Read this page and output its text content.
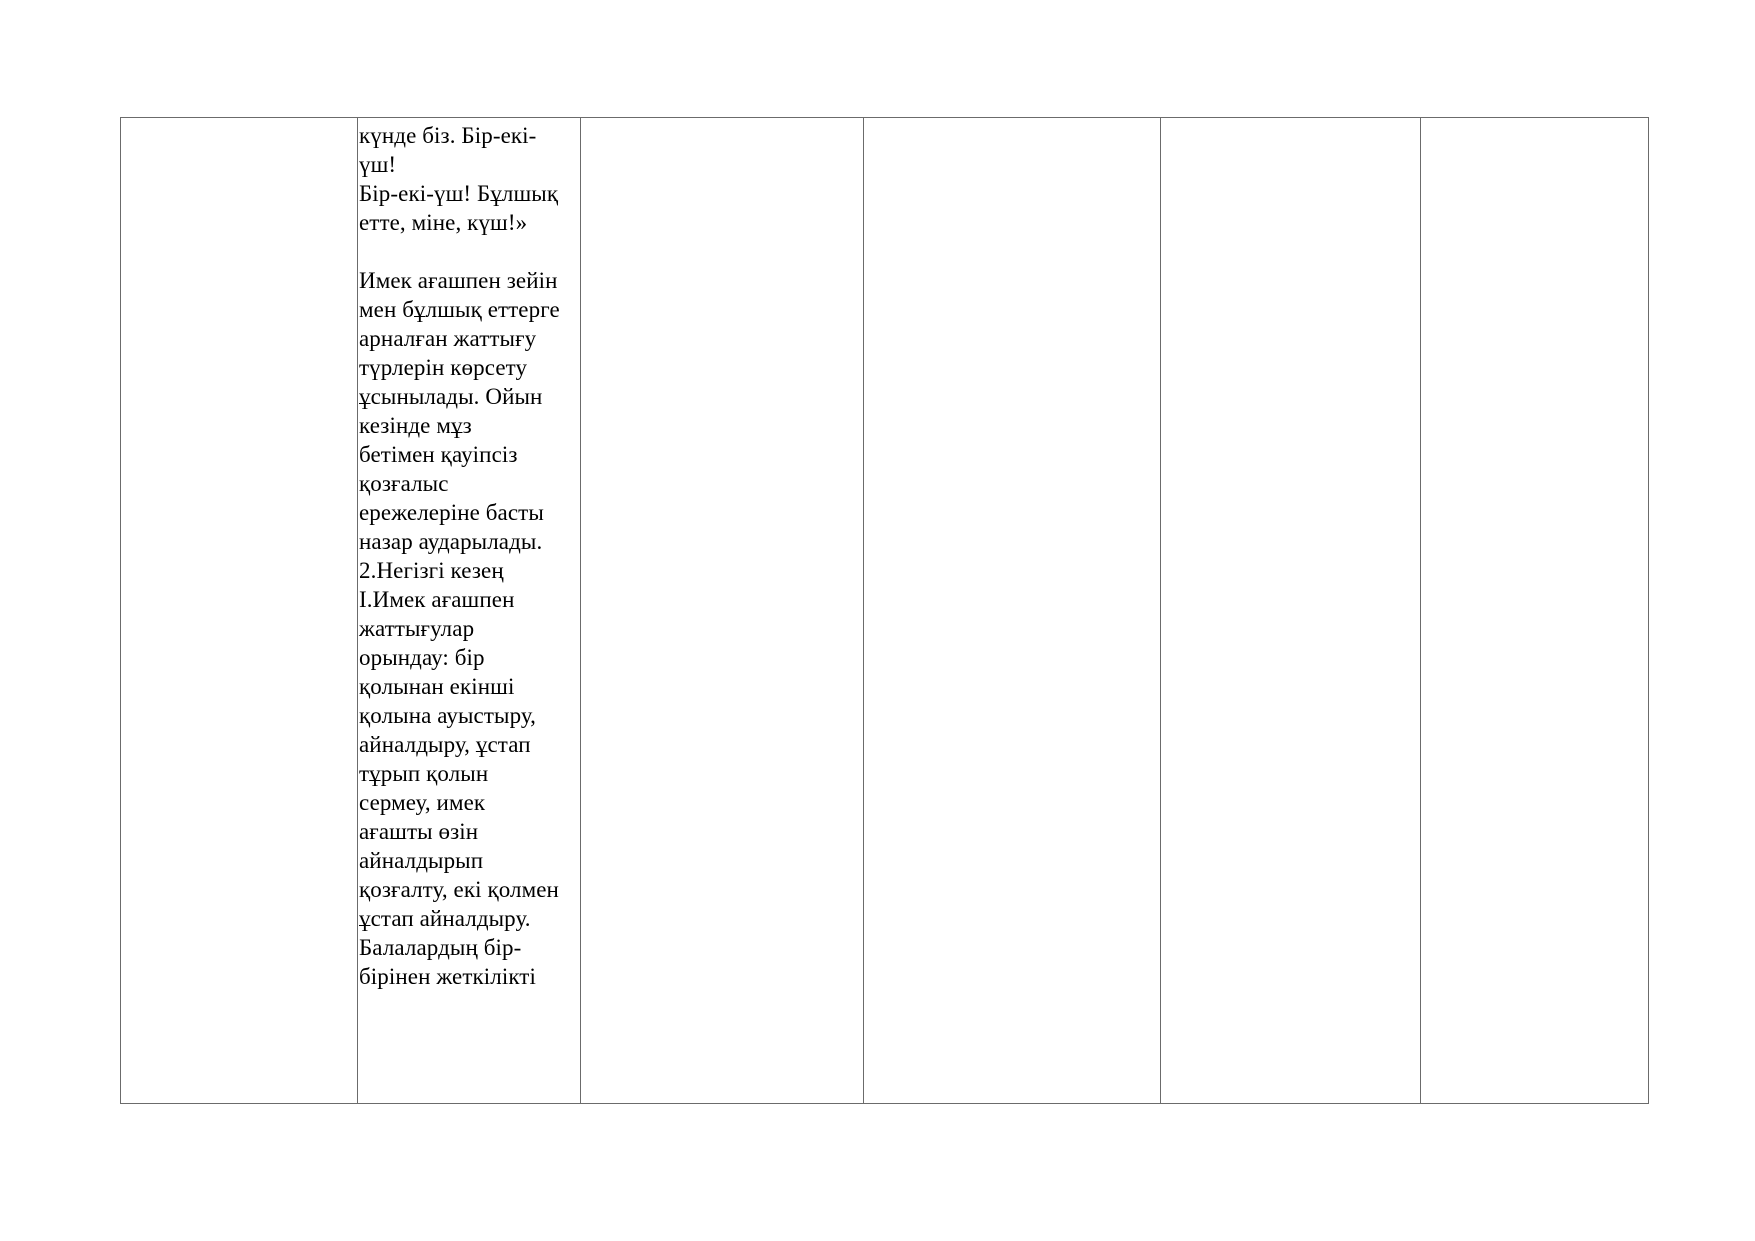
күнде біз. Бір-екі-
үш!
Бір-екі-үш! Бұлшық
етте, міне, күш!»

Имек ағашпен зейін
мен бұлшық еттерге
арналған жаттығу
түрлерін көрсету
ұсынылады. Ойын
кезінде мұз
бетімен қауіпсіз
қозғалыс
ережелеріне басты
назар аударылады.
2.Негізгі кезең
І.Имек ағашпен
жаттығулар
орындау: бір
қолынан екінші
қолына ауыстыру,
айналдыру, ұстап
тұрып қолын
сермеу, имек
ағашты өзін
айналдырып
қозғалту, екі қолмен
ұстап айналдыру.
Балалардың бір-
бірінен жеткілікті
